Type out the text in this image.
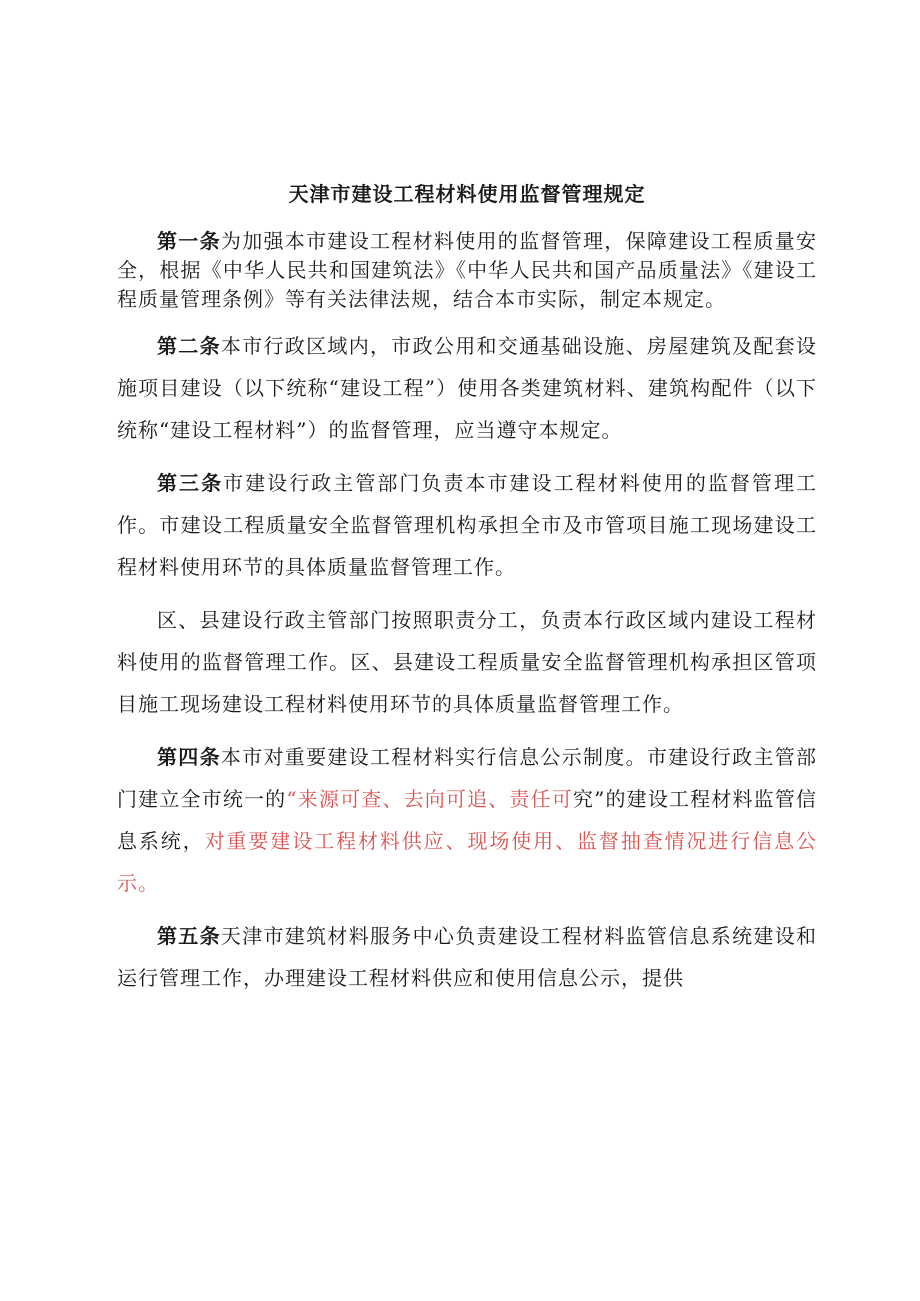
天津市建设工程材料使用监督管理规定

第一条为加强本市建设工程材料使用的监督管理，保障建设工程质量安全，根据《中华人民共和国建筑法》《中华人民共和国产品质量法》《建设工程质量管理条例》等有关法律法规，结合本市实际，制定本规定。

第二条本市行政区域内，市政公用和交通基础设施、房屋建筑及配套设施项目建设（以下统称“建设工程”）使用各类建筑材料、建筑构配件（以下统称“建设工程材料”）的监督管理，应当遵守本规定。

第三条市建设行政主管部门负责本市建设工程材料使用的监督管理工作。市建设工程质量安全监督管理机构承担全市及市管项目施工现场建设工程材料使用环节的具体质量监督管理工作。

区、县建设行政主管部门按照职责分工，负责本行政区域内建设工程材料使用的监督管理工作。区、县建设工程质量安全监督管理机构承担区管项目施工现场建设工程材料使用环节的具体质量监督管理工作。

第四条本市对重要建设工程材料实行信息公示制度。市建设行政主管部门建立全市统一的“来源可查、去向可追、责任可究”的建设工程材料监管信息系统，对重要建设工程材料供应、现场使用、监督抽查情况进行信息公示。

第五条天津市建筑材料服务中心负责建设工程材料监管信息系统建设和运行管理工作，办理建设工程材料供应和使用信息公示，提供
